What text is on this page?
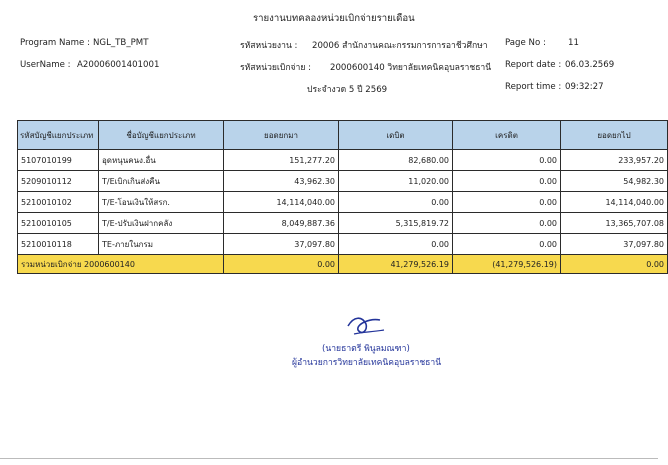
รายงานบทคลองหน่วยเบิกจ่ายรายเดือน
Program Name : NGL_TB_PMT
UserName : A20006001401001
รหัสหน่วยงาน : 20006 สำนักงานคณะกรรมการการอาชีวศึกษา
รหัสหน่วยเบิกจ่าย : 2000600140 วิทยาลัยเทคนิคอุบลราชธานี
ประจำงวด 5 ปี 2569
Page No :	11
Report date : 06.03.2569
Report time : 09:32:27
รหัสบัญชีแยกประเภท	ชื่อบัญชีแยกประเภท	ยอดยกมา	เดบิต	เครดิต	ยอดยกไป
5107010199	อุดหนุนคนง.อื่น	151,277.20	82,680.00	0.00	233,957.20
5209010112	T/Eเบิกเกินส่งคืน	43,962.30	11,020.00	0.00	54,982.30
5210010102	T/E-โอนเงินให้สรก.	14,114,040.00	0.00	0.00	14,114,040.00
5210010105	T/E-ปรับเงินฝากคลัง	8,049,887.36	5,315,819.72	0.00	13,365,707.08
5210010118	TE-ภายในกรม	37,097.80	0.00	0.00	37,097.80
รวมหน่วยเบิกจ่าย 2000600140		0.00	41,279,526.19	(41,279,526.19)	0.00
(นายธาตรี พินูลมณฑา)
ผู้อำนวยการวิทยาลัยเทคนิคอุบลราชธานี
